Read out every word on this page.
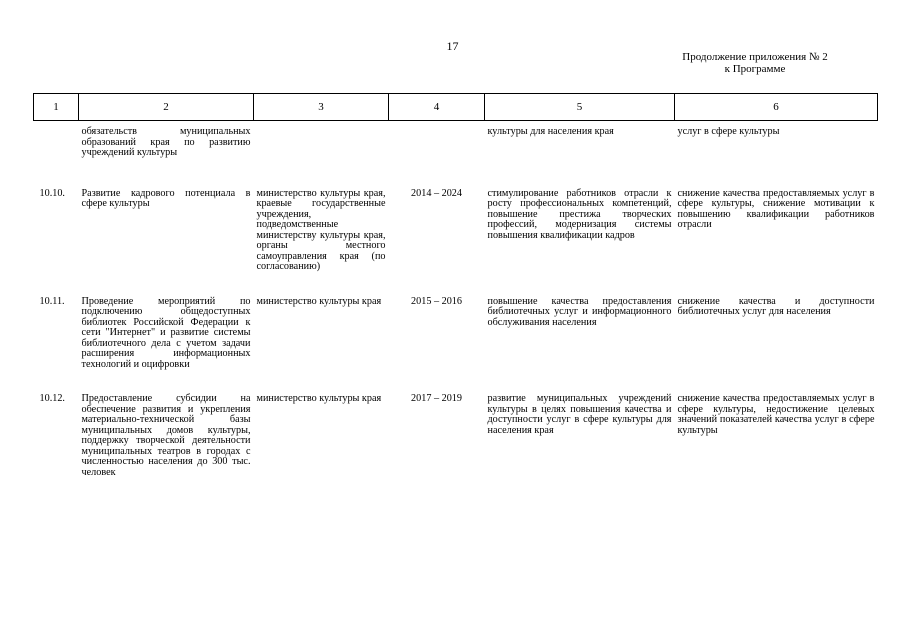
17
Продолжение приложения № 2
к Программе
1	2	3	4	5	6
	обязательств муниципальных образований края по развитию учреждений культуры			культуры для населения края	услуг в сфере культуры
10.10.	Развитие кадрового потенциала в сфере культуры	министерство культуры края, краевые государственные учреждения, подведомственные министерству культуры края, органы местного самоуправления края (по согласованию)	2014 – 2024	стимулирование работников отрасли к росту профессиональных компетенций, повышение престижа творческих профессий, модернизация системы повышения квалификации кадров	снижение качества предоставляемых услуг в сфере культуры, снижение мотивации к повышению квалификации работников отрасли
10.11.	Проведение мероприятий по подключению общедоступных библиотек Российской Федерации к сети "Интернет" и развитие системы библиотечного дела с учетом задачи расширения информационных технологий и оцифровки	министерство культуры края	2015 – 2016	повышение качества предоставления библиотечных услуг и информационного обслуживания населения	снижение качества и доступности библиотечных услуг для населения
10.12.	Предоставление субсидии на обеспечение развития и укрепления материально-технической базы муниципальных домов культуры, поддержку творческой деятельности муниципальных театров в городах с численностью населения до 300 тыс. человек	министерство культуры края	2017 – 2019	развитие муниципальных учреждений культуры в целях повышения качества и доступности услуг в сфере культуры для населения края	снижение качества предоставляемых услуг в сфере культуры, недостижение целевых значений показателей качества услуг в сфере культуры
